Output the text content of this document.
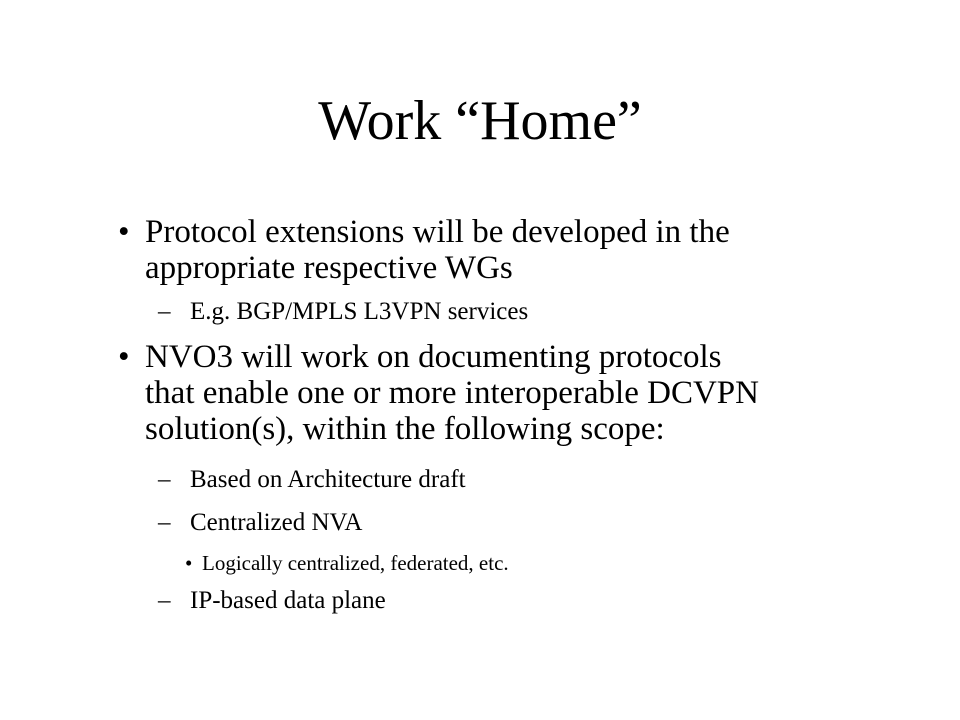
Work “Home”
• Protocol extensions will be developed in the
appropriate respective WGs
– E.g. BGP/MPLS L3VPN services
• NVO3 will work on documenting protocols
that enable one or more interoperable DCVPN
solution(s), within the following scope:
– Based on Architecture draft
– Centralized NVA
• Logically centralized, federated, etc.
– IP-based data plane
